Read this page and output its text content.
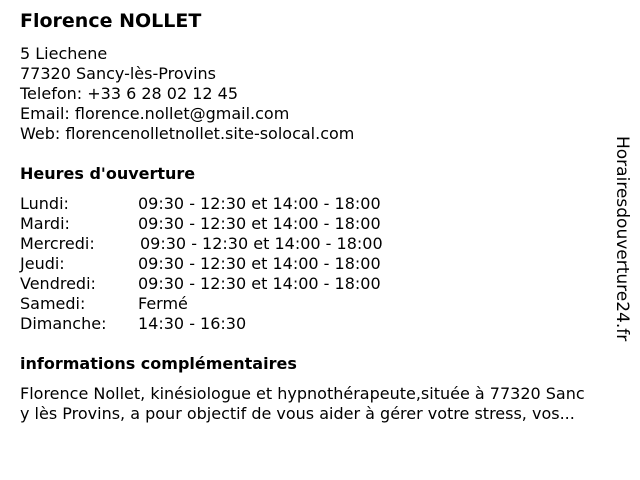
Florence NOLLET
5 Liechene
77320 Sancy-lès-Provins
Telefon: +33 6 28 02 12 45
Email: florence.nollet@gmail.com
Web: florencenolletnollet.site-solocal.com
Heures d'ouverture
Lundi:	09:30 - 12:30 et 14:00 - 18:00
Mardi:	09:30 - 12:30 et 14:00 - 18:00
Mercredi:	09:30 - 12:30 et 14:00 - 18:00
Jeudi:	09:30 - 12:30 et 14:00 - 18:00
Vendredi:	09:30 - 12:30 et 14:00 - 18:00
Samedi:	Fermé
Dimanche: 14:30 - 16:30
informations complémentaires
Florence Nollet, kinésiologue et hypnothérapeute,située à 77320 Sanc
y lès Provins, a pour objectif de vous aider à gérer votre stress, vos...
Horairesdouverture24.fr
